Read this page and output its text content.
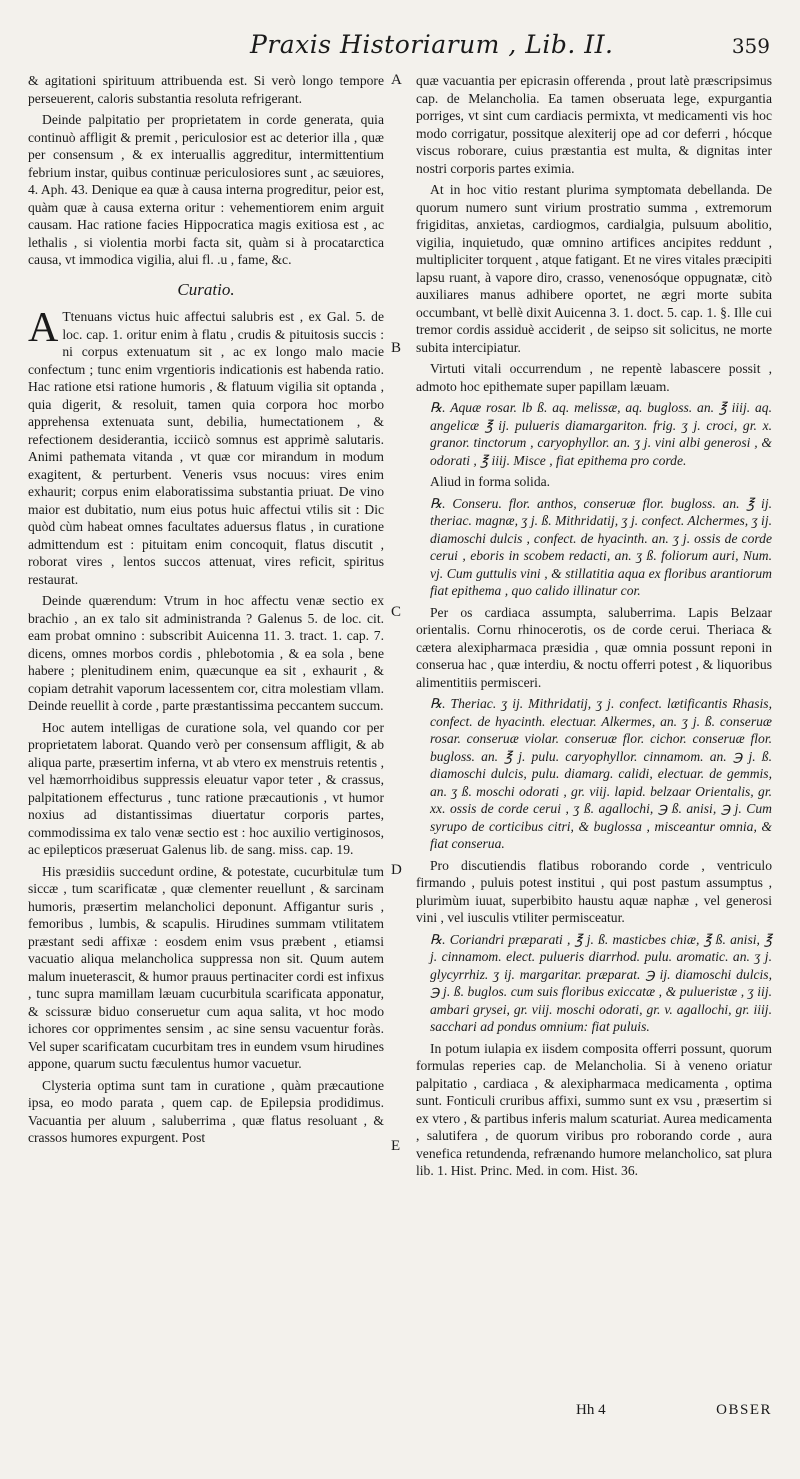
Praxis Historiarum , Lib. II.	359

& agitationi spirituum attribuenda est. Si verò longo tempore perseuerent, caloris substantia resoluta refrigerant.

Deinde palpitatio per proprietatem in corde generata, quia continuò affligit & premit , periculosior est ac deterior illa , quæ per consensum , & ex interuallis aggreditur, intermittentium febrium instar, quibus continuæ periculosiores sunt , ac sæuiores, 4. Aph. 43. Denique ea quæ à causa interna progreditur, peior est, quàm quæ à causa externa oritur : vehementiorem enim arguit causam. Hac ratione facies Hippocratica magis exitiosa est , ac lethalis , si violentia morbi facta sit, quàm si à procatarctica causa, vt immodica vigilia, alui fl. .u , fame, &c.

Curatio.

A Ttenuans victus huic affectui salubris est , ex Gal. 5. de loc. cap. 1. oritur enim à flatu , crudis & pituitosis succis : ni corpus extenuatum sit , ac ex longo malo macie confectum ; tunc enim vrgentioris indicationis est habenda ratio. Hac ratione etsi ratione humoris , & flatuum vigilia sit optanda , quia digerit, & resoluit, tamen quia corpora hoc morbo apprehensa extenuata sunt, debilia, humectationem , & refectionem desiderantia, icciicò somnus est apprimè salutaris. Animi pathemata vitanda , vt quæ cor mirandum in modum exagitent, & perturbent. Veneris vsus nocuus: vires enim exhaurit; corpus enim elaboratissima substantia priuat. De vino maior est dubitatio, num eius potus huic affectui vtilis sit : Dic quòd cùm habeat omnes facultates aduersus flatus , in curatione admittendum est : pituitam enim concoquit, flatus discutit , roborat vires , lentos succos attenuat, vires reficit, spiritus restaurat.

Deinde quærendum: Vtrum in hoc affectu venæ sectio ex brachio , an ex talo sit administranda ? Galenus 5. de loc. cit. eam probat omnino : subscribit Auicenna 11. 3. tract. 1. cap. 7. dicens, omnes morbos cordis , phlebotomia , & ea sola , bene habere ; plenitudinem enim, quæcunque ea sit , exhaurit , & copiam detrahit vaporum lacessentem cor, citra molestiam vllam. Deinde reuellit à corde , parte præstantissima peccantem succum.

Hoc autem intelligas de curatione sola, vel quando cor per proprietatem laborat. Quando verò per consensum affligit, & ab aliqua parte, præsertim inferna, vt ab vtero ex menstruis retentis , vel hæmorrhoidibus suppressis eleuatur vapor teter , & crassus, palpitationem effecturus , tunc ratione præcautionis , vt humor noxius ad distantissimas diuertatur corporis partes, commodissima ex talo venæ sectio est : hoc auxilio vertiginosos, ac epilepticos præseruat Galenus lib. de sang. miss. cap. 19.

His præsidiis succedunt ordine, & potestate, cucurbitulæ tum siccæ , tum scarificatæ , quæ clementer reuellunt , & sarcinam humoris, præsertim melancholici deponunt. Affigantur suris , femoribus , lumbis, & scapulis. Hirudines summam vtilitatem præstant sedi affixæ : eosdem enim vsus præbent , etiamsi vacuatio aliqua melancholica suppressa non sit. Quum autem malum inueterascit, & humor prauus pertinaciter cordi est infixus , tunc supra mamillam læuam cucurbitula scarificata apponatur, & scissuræ biduo conseruetur cum aqua salita, vt hoc modo ichores cor opprimentes sensim , ac sine sensu vacuentur foràs. Vel super scarificatam cucurbitam tres in eundem vsum hirudines appone, quarum suctu fæculentus humor vacuetur.

Clysteria optima sunt tam in curatione , quàm præcautione ipsa, eo modo parata , quem cap. de Epilepsia prodidimus. Vacuantia per aluum , saluberrima , quæ flatus resoluant , & crassos humores expurgent. Post

A
B
C
D
E

quæ vacuantia per epicrasin offerenda , prout latè præscripsimus cap. de Melancholia. Ea tamen obseruata lege, expurgantia porriges, vt sint cum cardiacis permixta, vt medicamenti vis hoc modo corrigatur, possitque alexiterij ope ad cor deferri , hócque viscus roborare, cuius præstantia est multa, & dignitas inter nostri corporis partes eximia.

At in hoc vitio restant plurima symptomata debellanda. De quorum numero sunt virium prostratio summa , extremorum frigiditas, anxietas, cardiogmos, cardialgia, pulsuum abolitio, vigilia, inquietudo, quæ omnino artifices ancipites reddunt , multipliciter torquent , atque fatigant. Et ne vires vitales præcipiti lapsu ruant, à vapore diro, crasso, venenosóque oppugnatæ, citò auxiliares manus adhibere oportet, ne ægri morte subita occumbant, vt bellè dixit Auicenna 3. 1. doct. 5. cap. 1. §. Ille cui tremor cordis assiduè acciderit , de seipso sit solicitus, ne morte subita intercipiatur.

Virtuti vitali occurrendum , ne repentè labascere possit , admoto hoc epithemate super papillam læuam.

℞. Aquæ rosar. lb ß. aq. melissæ, aq. bugloss. an. ℥ iiij. aq. angelicæ ℥ ij. pulueris diamargariton. frig. ʒ j. croci, gr. x. granor. tinctorum , caryophyllor. an. ʒ j. vini albi generosi , & odorati , ℥ iiij. Misce , fiat epithema pro corde.

Aliud in forma solida.

℞. Conseru. flor. anthos, conseruæ flor. bugloss. an. ℥ ij. theriac. magnæ, ʒ j. ß. Mithridatij, ʒ j. confect. Alchermes, ʒ ij. diamoschi dulcis , confect. de hyacinth. an. ʒ j. ossis de corde cerui , eboris in scobem redacti, an. ʒ ß. foliorum auri, Num. vj. Cum guttulis vini , & stillatitia aqua ex floribus arantiorum fiat epithema , quo calido illinatur cor.

Per os cardiaca assumpta, saluberrima. Lapis Belzaar orientalis. Cornu rhinocerotis, os de corde cerui. Theriaca & cætera alexipharmaca præsidia , quæ omnia possunt reponi in conserua hac , quæ interdiu, & noctu offerri potest , & liquoribus alimentitiis permisceri.

℞. Theriac. ʒ ij. Mithridatij, ʒ j. confect. lætificantis Rhasis, confect. de hyacinth. electuar. Alkermes, an. ʒ j. ß. conseruæ rosar. conseruæ violar. conseruæ flor. cichor. conseruæ flor. bugloss. an. ℥ j. pulu. caryophyllor. cinnamom. an. ℈ j. ß. diamoschi dulcis, pulu. diamarg. calidi, electuar. de gemmis, an. ʒ ß. moschi odorati , gr. viij. lapid. belzaar Orientalis, gr. xx. ossis de corde cerui , ʒ ß. agallochi, ℈ ß. anisi, ℈ j. Cum syrupo de corticibus citri, & buglossa , misceantur omnia, & fiat conserua.

Pro discutiendis flatibus roborando corde , ventriculo firmando , puluis potest institui , qui post pastum assumptus , plurimùm iuuat, superbibito haustu aquæ naphæ , vel generosi vini , vel iusculis vtiliter permisceatur.

℞. Coriandri præparati , ℥ j. ß. masticbes chiæ, ℥ ß. anisi, ℥ j. cinnamom. elect. pulueris diarrhod. pulu. aromatic. an. ʒ j. glycyrrhiz. ʒ ij. margaritar. præparat. ℈ ij. diamoschi dulcis, ℈ j. ß. buglos. cum suis floribus exiccatæ , & pulueristæ , ʒ iij. ambari grysei, gr. viij. moschi odorati, gr. v. agallochi, gr. iiij. sacchari ad pondus omnium: fiat puluis.

In potum iulapia ex iisdem composita offerri possunt, quorum formulas reperies cap. de Melancholia. Si à veneno oriatur palpitatio , cardiaca , & alexipharmaca medicamenta , optima sunt. Fonticuli cruribus affixi, summo sunt ex vsu , præsertim si ex vtero , & partibus inferis malum scaturiat. Aurea medicamenta , salutifera , de quorum viribus pro roborando corde , aura venefica retundenda, refrænando humore melancholico, sat plura lib. 1. Hist. Princ. Med. in com. Hist. 36.

Hh 4	OBSER
